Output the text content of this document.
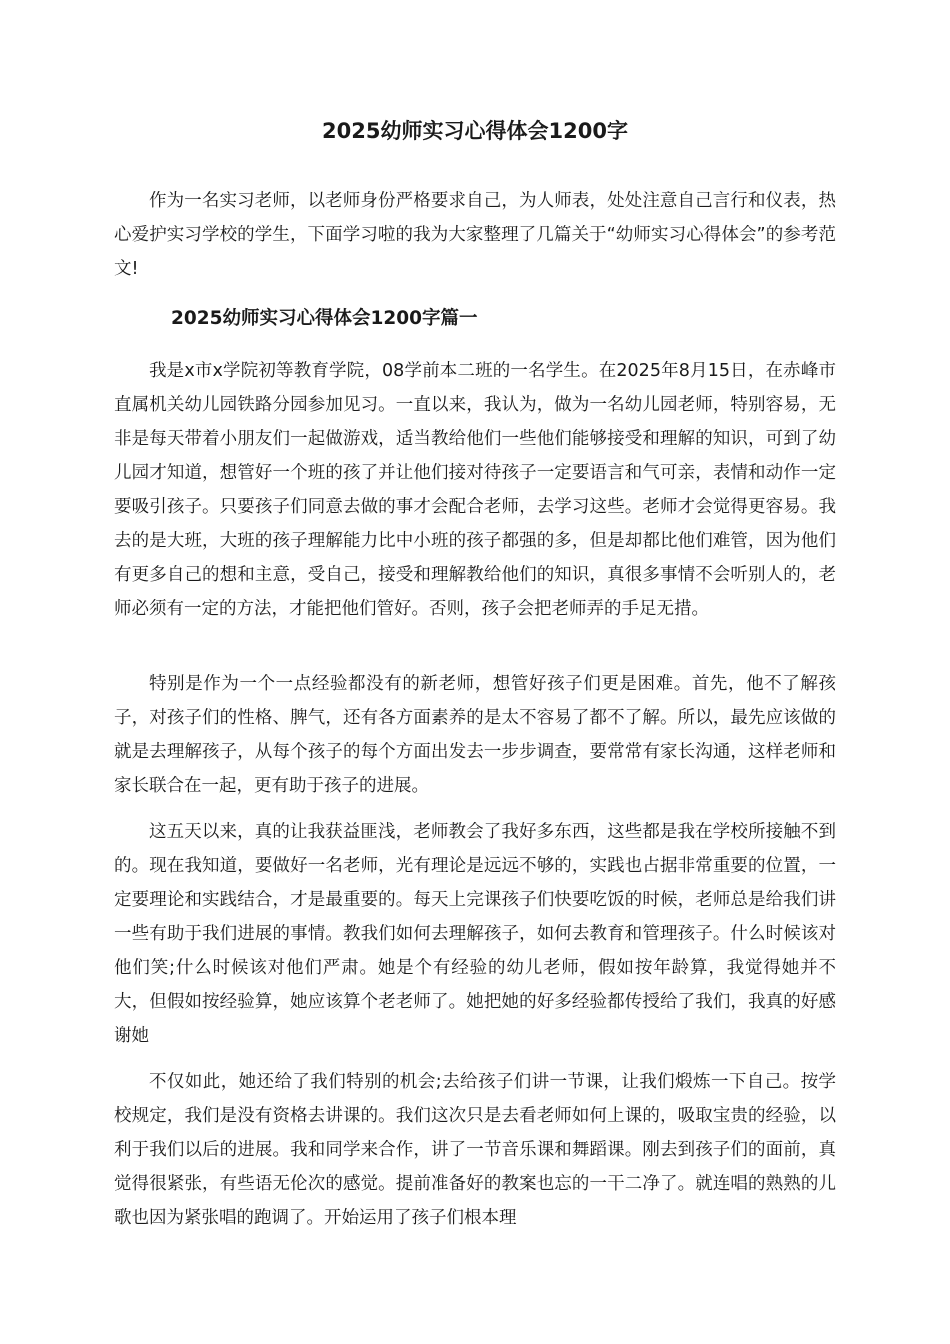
2025幼师实习心得体会1200字

作为一名实习老师，以老师身份严格要求自己，为人师表，处处注意自己言行和仪表，热心爱护实习学校的学生，下面学习啦的我为大家整理了几篇关于“幼师实习心得体会”的参考范文!

2025幼师实习心得体会1200字篇一

我是x市x学院初等教育学院，08学前本二班的一名学生。在2025年8月15日，在赤峰市直属机关幼儿园铁路分园参加见习。一直以来，我认为，做为一名幼儿园老师，特别容易，无非是每天带着小朋友们一起做游戏，适当教给他们一些他们能够接受和理解的知识，可到了幼儿园才知道，想管好一个班的孩了并让他们接对待孩子一定要语言和气可亲，表情和动作一定要吸引孩子。只要孩子们同意去做的事才会配合老师，去学习这些。老师才会觉得更容易。我去的是大班，大班的孩子理解能力比中小班的孩子都强的多，但是却都比他们难管，因为他们有更多自己的想和主意，受自己，接受和理解教给他们的知识，真很多事情不会听别人的，老师必须有一定的方法，才能把他们管好。否则，孩子会把老师弄的手足无措。

特别是作为一个一点经验都没有的新老师，想管好孩子们更是困难。首先，他不了解孩子，对孩子们的性格、脾气，还有各方面素养的是太不容易了都不了解。所以，最先应该做的就是去理解孩子，从每个孩子的每个方面出发去一步步调查，要常常有家长沟通，这样老师和家长联合在一起，更有助于孩子的进展。

这五天以来，真的让我获益匪浅，老师教会了我好多东西，这些都是我在学校所接触不到的。现在我知道，要做好一名老师，光有理论是远远不够的，实践也占据非常重要的位置，一定要理论和实践结合，才是最重要的。每天上完课孩子们快要吃饭的时候，老师总是给我们讲一些有助于我们进展的事情。教我们如何去理解孩子，如何去教育和管理孩子。什么时候该对他们笑;什么时候该对他们严肃。她是个有经验的幼儿老师，假如按年龄算，我觉得她并不大，但假如按经验算，她应该算个老老师了。她把她的好多经验都传授给了我们，我真的好感谢她

不仅如此，她还给了我们特别的机会;去给孩子们讲一节课，让我们煅炼一下自己。按学校规定，我们是没有资格去讲课的。我们这次只是去看老师如何上课的，吸取宝贵的经验，以利于我们以后的进展。我和同学来合作，讲了一节音乐课和舞蹈课。刚去到孩子们的面前，真觉得很紧张，有些语无伦次的感觉。提前准备好的教案也忘的一干二净了。就连唱的熟熟的儿歌也因为紧张唱的跑调了。开始运用了孩子们根本理
